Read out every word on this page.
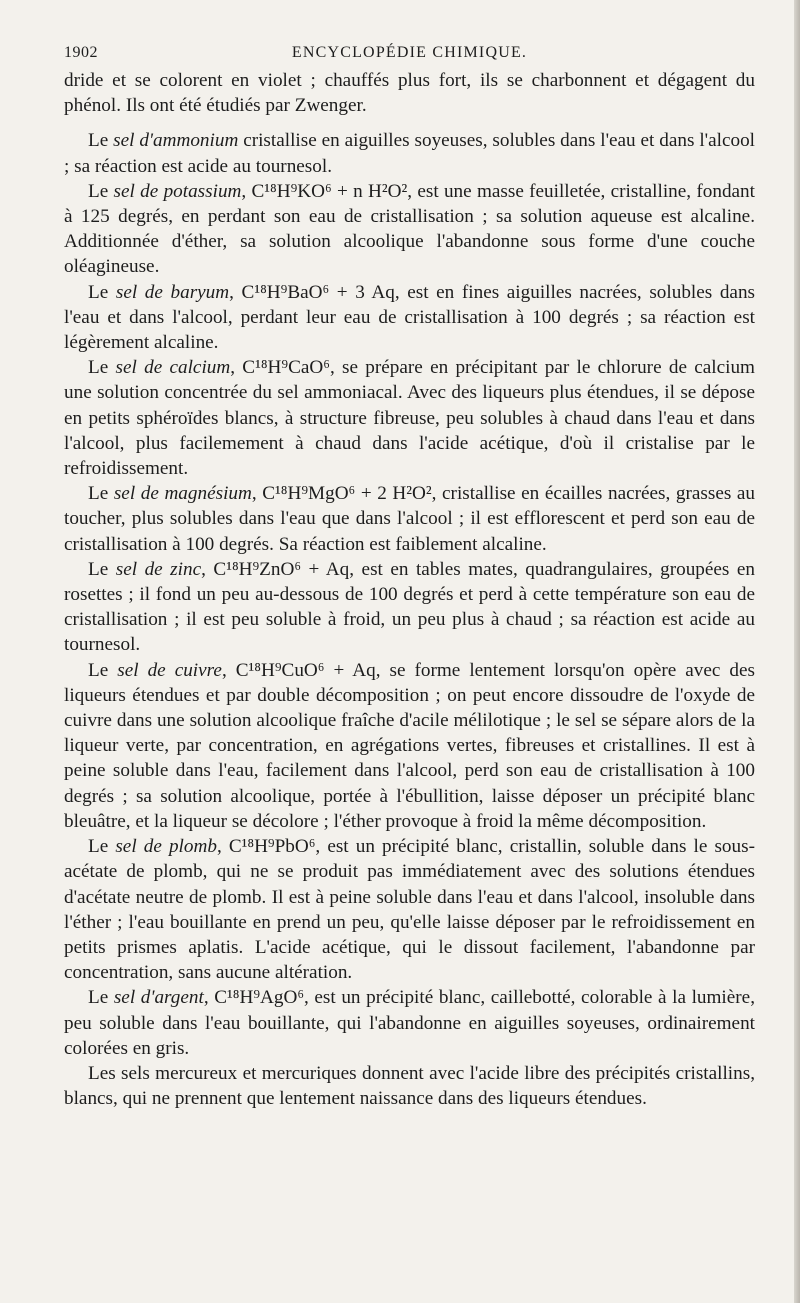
1902	ENCYCLOPÉDIE CHIMIQUE.

dride et se colorent en violet ; chauffés plus fort, ils se charbonnent et dégagent du phénol. Ils ont été étudiés par Zwenger.

Le sel d'ammonium cristallise en aiguilles soyeuses, solubles dans l'eau et dans l'alcool ; sa réaction est acide au tournesol.

Le sel de potassium, C¹⁸H⁹KO⁶ + n H²O², est une masse feuilletée, cristalline, fondant à 125 degrés, en perdant son eau de cristallisation ; sa solution aqueuse est alcaline. Additionnée d'éther, sa solution alcoolique l'abandonne sous forme d'une couche oléagineuse.

Le sel de baryum, C¹⁸H⁹BaO⁶ + 3 Aq, est en fines aiguilles nacrées, solubles dans l'eau et dans l'alcool, perdant leur eau de cristallisation à 100 degrés ; sa réaction est légèrement alcaline.

Le sel de calcium, C¹⁸H⁹CaO⁶, se prépare en précipitant par le chlorure de calcium une solution concentrée du sel ammoniacal. Avec des liqueurs plus étendues, il se dépose en petits sphéroïdes blancs, à structure fibreuse, peu solubles à chaud dans l'eau et dans l'alcool, plus facilemement à chaud dans l'acide acétique, d'où il cristalise par le refroidissement.

Le sel de magnésium, C¹⁸H⁹MgO⁶ + 2 H²O², cristallise en écailles nacrées, grasses au toucher, plus solubles dans l'eau que dans l'alcool ; il est efflorescent et perd son eau de cristallisation à 100 degrés. Sa réaction est faiblement alcaline.

Le sel de zinc, C¹⁸H⁹ZnO⁶ + Aq, est en tables mates, quadrangulaires, groupées en rosettes ; il fond un peu au-dessous de 100 degrés et perd à cette température son eau de cristallisation ; il est peu soluble à froid, un peu plus à chaud ; sa réaction est acide au tournesol.

Le sel de cuivre, C¹⁸H⁹CuO⁶ + Aq, se forme lentement lorsqu'on opère avec des liqueurs étendues et par double décomposition ; on peut encore dissoudre de l'oxyde de cuivre dans une solution alcoolique fraîche d'acile mélilotique ; le sel se sépare alors de la liqueur verte, par concentration, en agrégations vertes, fibreuses et cristallines. Il est à peine soluble dans l'eau, facilement dans l'alcool, perd son eau de cristallisation à 100 degrés ; sa solution alcoolique, portée à l'ébullition, laisse déposer un précipité blanc bleuâtre, et la liqueur se décolore ; l'éther provoque à froid la même décomposition.

Le sel de plomb, C¹⁸H⁹PbO⁶, est un précipité blanc, cristallin, soluble dans le sous-acétate de plomb, qui ne se produit pas immédiatement avec des solutions étendues d'acétate neutre de plomb. Il est à peine soluble dans l'eau et dans l'alcool, insoluble dans l'éther ; l'eau bouillante en prend un peu, qu'elle laisse déposer par le refroidissement en petits prismes aplatis. L'acide acétique, qui le dissout facilement, l'abandonne par concentration, sans aucune altération.

Le sel d'argent, C¹⁸H⁹AgO⁶, est un précipité blanc, caillebotté, colorable à la lumière, peu soluble dans l'eau bouillante, qui l'abandonne en aiguilles soyeuses, ordinairement colorées en gris.

Les sels mercureux et mercuriques donnent avec l'acide libre des précipités cristallins, blancs, qui ne prennent que lentement naissance dans des liqueurs étendues.
